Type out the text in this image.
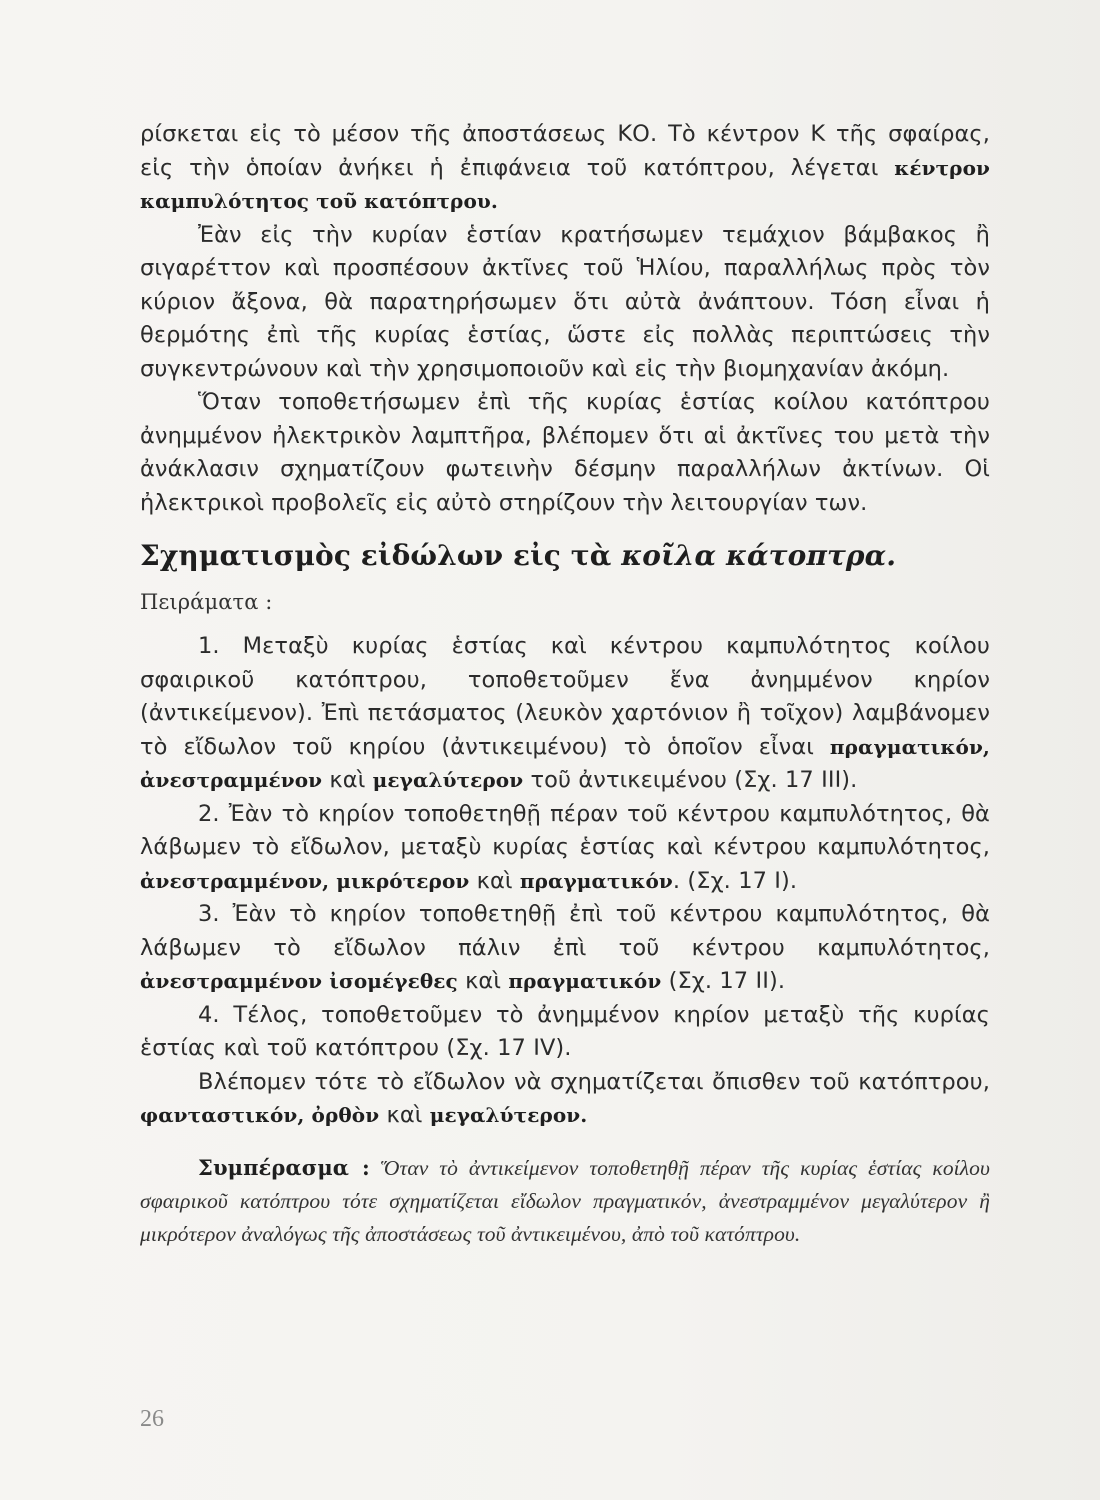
ρίσκεται εἰς τὸ μέσον τῆς ἀποστάσεως ΚΟ. Τὸ κέντρον Κ τῆς σφαίρας, εἰς τὴν ὁποίαν ἀνήκει ἡ ἐπιφάνεια τοῦ κατόπτρου, λέγεται κέντρον καμπυλότητος τοῦ κατόπτρου.

Ἐὰν εἰς τὴν κυρίαν ἑστίαν κρατήσωμεν τεμάχιον βάμβακος ἢ σιγαρέττον καὶ προσπέσουν ἀκτῖνες τοῦ Ἡλίου, παραλλήλως πρὸς τὸν κύριον ἄξονα, θὰ παρατηρήσωμεν ὅτι αὐτὰ ἀνάπτουν. Τόση εἶναι ἡ θερμότης ἐπὶ τῆς κυρίας ἑστίας, ὥστε εἰς πολλὰς περιπτώσεις τὴν συγκεντρώνουν καὶ τὴν χρησιμοποιοῦν καὶ εἰς τὴν βιομηχανίαν ἀκόμη.

Ὅταν τοποθετήσωμεν ἐπὶ τῆς κυρίας ἑστίας κοίλου κατόπτρου ἀνημμένον ἠλεκτρικὸν λαμπτῆρα, βλέπομεν ὅτι αἱ ἀκτῖνες του μετὰ τὴν ἀνάκλασιν σχηματίζουν φωτεινὴν δέσμην παραλλήλων ἀκτίνων. Οἱ ἠλεκτρικοὶ προβολεῖς εἰς αὐτὸ στηρίζουν τὴν λειτουργίαν των.

Σχηματισμὸς εἰδώλων εἰς τὰ κοῖλα κάτοπτρα.
Πειράματα :

1. Μεταξὺ κυρίας ἑστίας καὶ κέντρου καμπυλότητος κοίλου σφαιρικοῦ κατόπτρου, τοποθετοῦμεν ἕνα ἀνημμένον κηρίον (ἀντικείμενον). Ἐπὶ πετάσματος (λευκὸν χαρτόνιον ἢ τοῖχον) λαμβάνομεν τὸ εἴδωλον τοῦ κηρίου (ἀντικειμένου) τὸ ὁποῖον εἶναι πραγματικόν, ἀνεστραμμένον καὶ μεγαλύτερον τοῦ ἀντικειμένου (Σχ. 17 ΙΙΙ).

2. Ἐὰν τὸ κηρίον τοποθετηθῇ πέραν τοῦ κέντρου καμπυλότητος, θὰ λάβωμεν τὸ εἴδωλον, μεταξὺ κυρίας ἑστίας καὶ κέντρου καμπυλότητος, ἀνεστραμμένον, μικρότερον καὶ πραγματικόν. (Σχ. 17 Ι).

3. Ἐὰν τὸ κηρίον τοποθετηθῇ ἐπὶ τοῦ κέντρου καμπυλότητος, θὰ λάβωμεν τὸ εἴδωλον πάλιν ἐπὶ τοῦ κέντρου καμπυλότητος, ἀνεστραμμένον ἰσομέγεθες καὶ πραγματικόν (Σχ. 17 ΙΙ).

4. Τέλος, τοποθετοῦμεν τὸ ἀνημμένον κηρίον μεταξὺ τῆς κυρίας ἑστίας καὶ τοῦ κατόπτρου (Σχ. 17 ΙV).

Βλέπομεν τότε τὸ εἴδωλον νὰ σχηματίζεται ὄπισθεν τοῦ κατόπτρου, φανταστικόν, ὀρθὸν καὶ μεγαλύτερον.

Συμπέρασμα : Ὅταν τὸ ἀντικείμενον τοποθετηθῇ πέραν τῆς κυρίας ἑστίας κοίλου σφαιρικοῦ κατόπτρου τότε σχηματίζεται εἴδωλον πραγματικόν, ἀνεστραμμένον μεγαλύτερον ἢ μικρότερον ἀναλόγως τῆς ἀποστάσεως τοῦ ἀντικειμένου, ἀπὸ τοῦ κατόπτρου.

26
